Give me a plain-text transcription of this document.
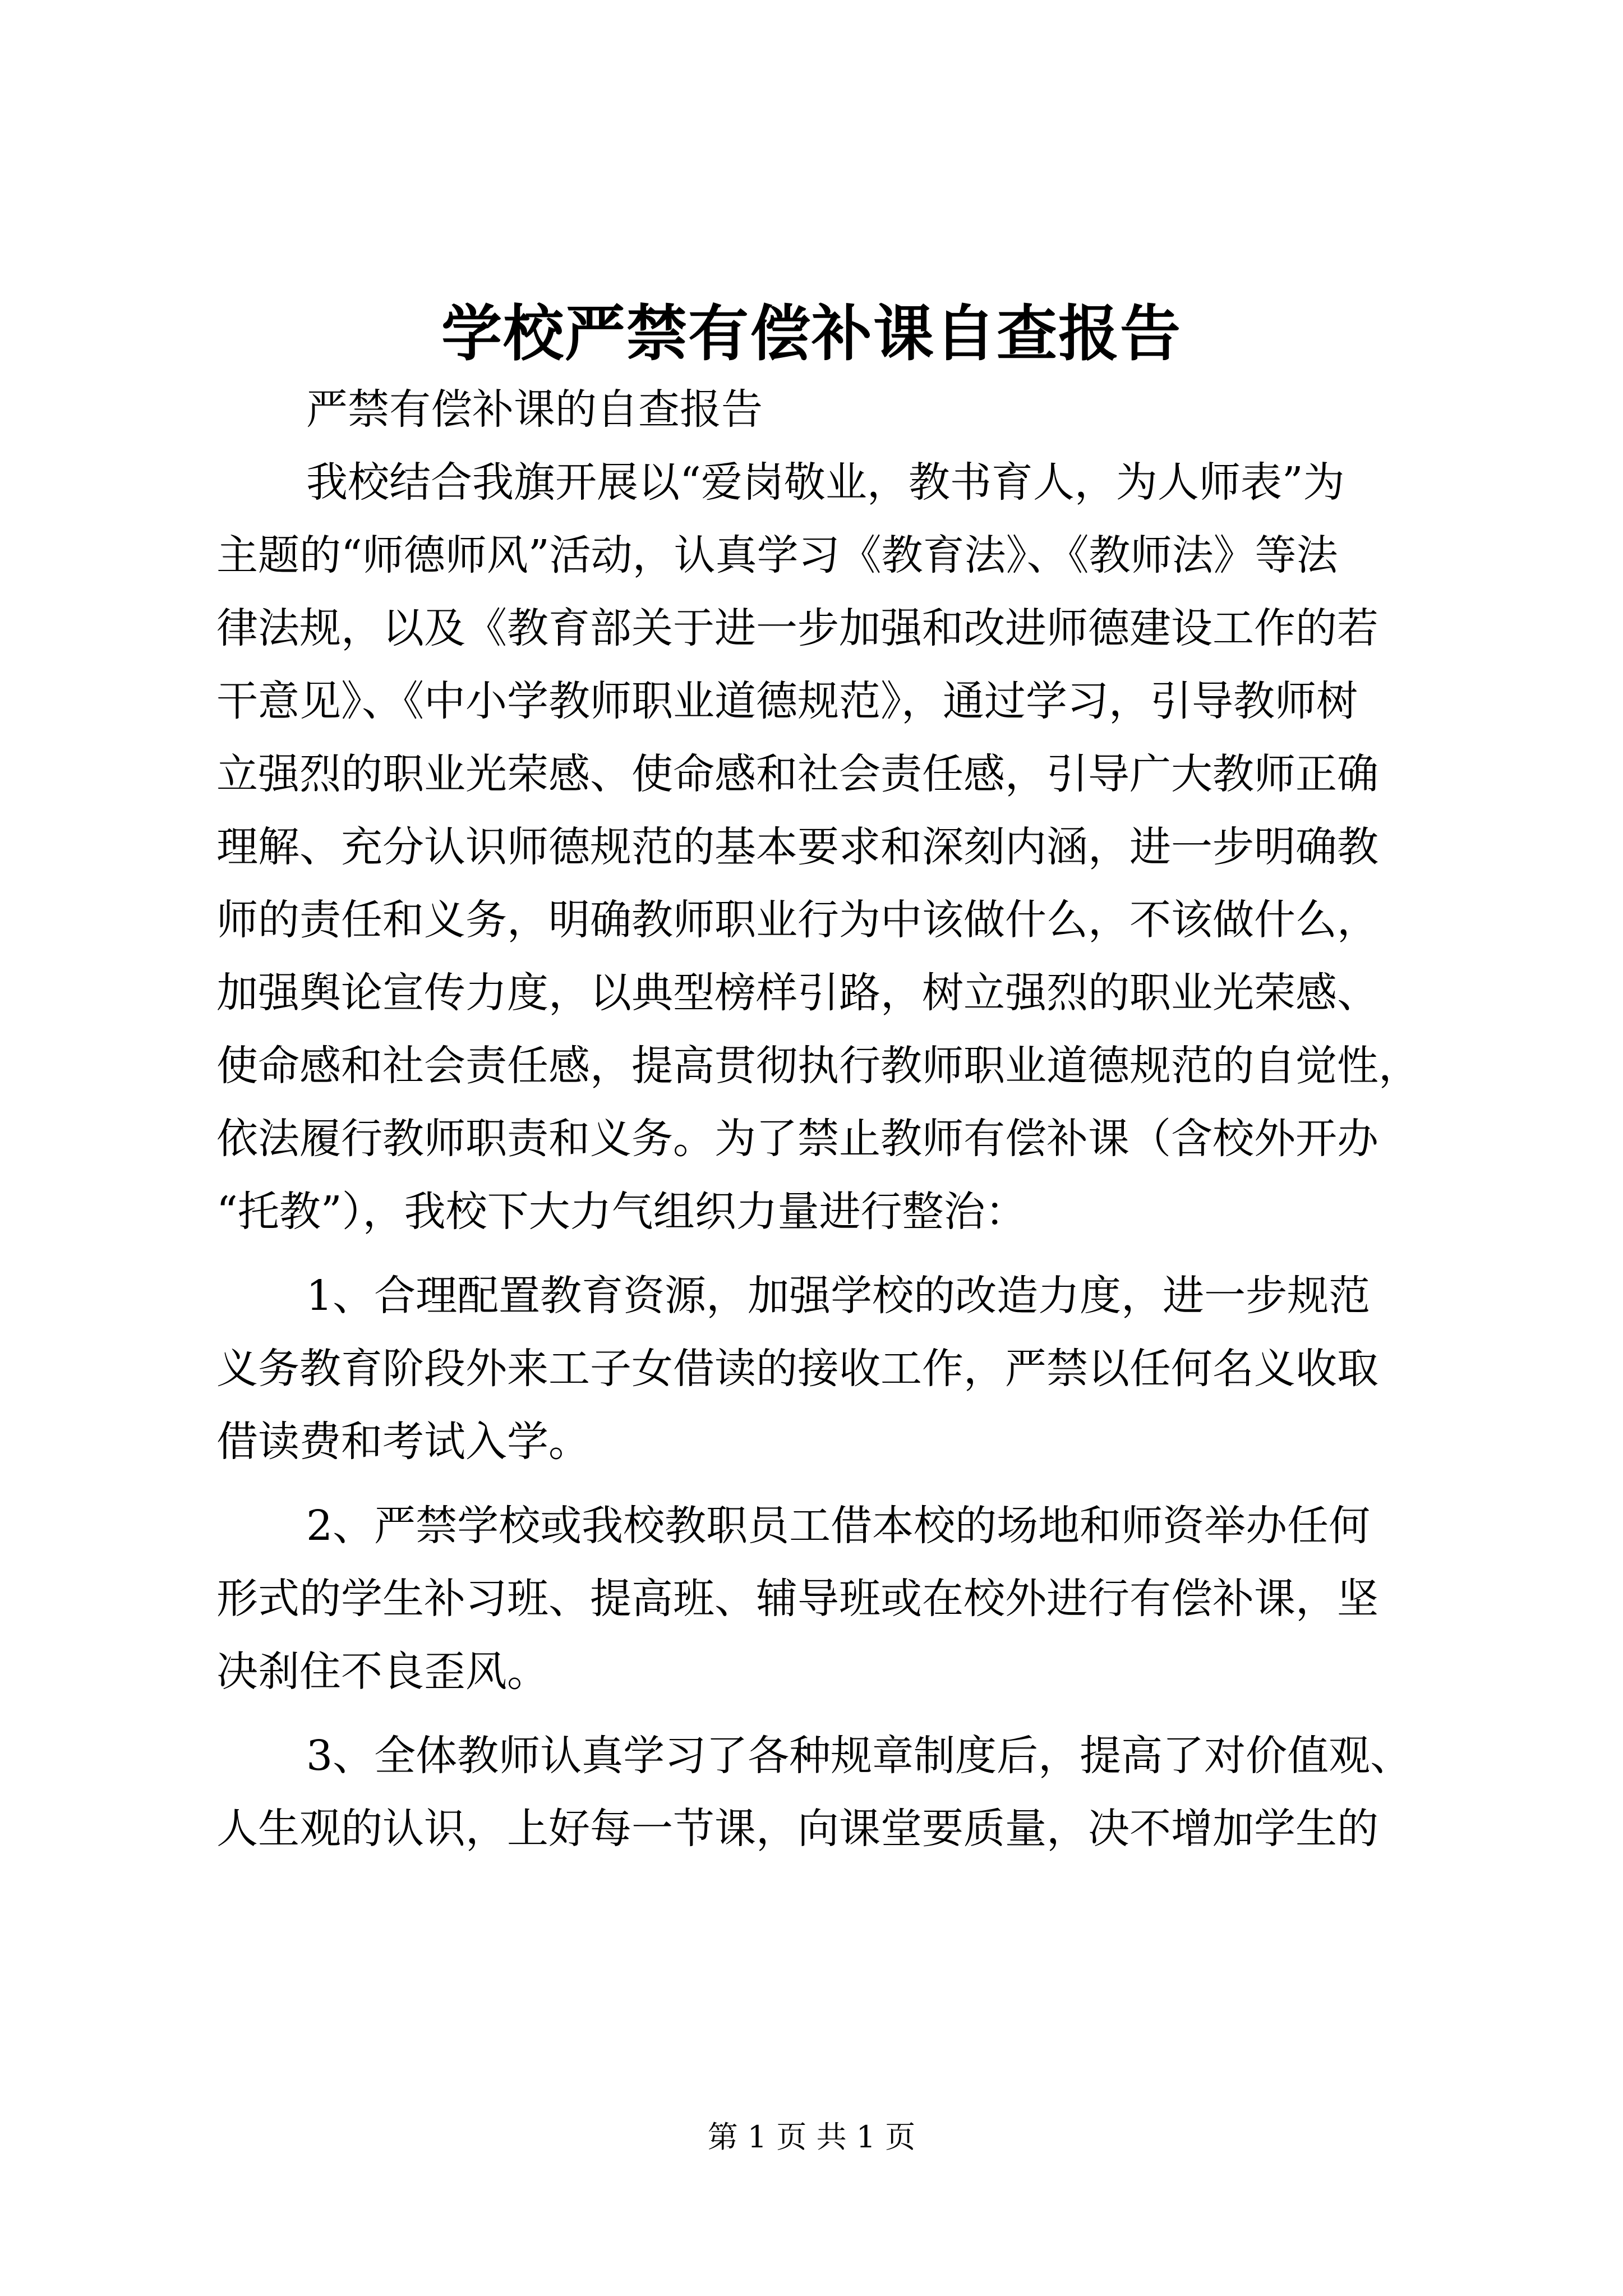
学校严禁有偿补课自查报告
严禁有偿补课的自查报告
我校结合我旗开展以“爱岗敬业，教书育人，为人师表”为
主题的“师德师风”活动，认真学习《教育法》、《教师法》等法
律法规，以及《教育部关于进一步加强和改进师德建设工作的若
干意见》、《中小学教师职业道德规范》，通过学习，引导教师树
立强烈的职业光荣感、使命感和社会责任感，引导广大教师正确
理解、充分认识师德规范的基本要求和深刻内涵，进一步明确教
师的责任和义务，明确教师职业行为中该做什么，不该做什么，
加强舆论宣传力度，以典型榜样引路，树立强烈的职业光荣感、
使命感和社会责任感，提高贯彻执行教师职业道德规范的自觉性，
依法履行教师职责和义务。为了禁止教师有偿补课（含校外开办
“托教”），我校下大力气组织力量进行整治：
1、合理配置教育资源，加强学校的改造力度，进一步规范
义务教育阶段外来工子女借读的接收工作，严禁以任何名义收取
借读费和考试入学。
2、严禁学校或我校教职员工借本校的场地和师资举办任何
形式的学生补习班、提高班、辅导班或在校外进行有偿补课，坚
决刹住不良歪风。
3、全体教师认真学习了各种规章制度后，提高了对价值观、
人生观的认识，上好每一节课，向课堂要质量，决不增加学生的
第 1 页 共 1 页
